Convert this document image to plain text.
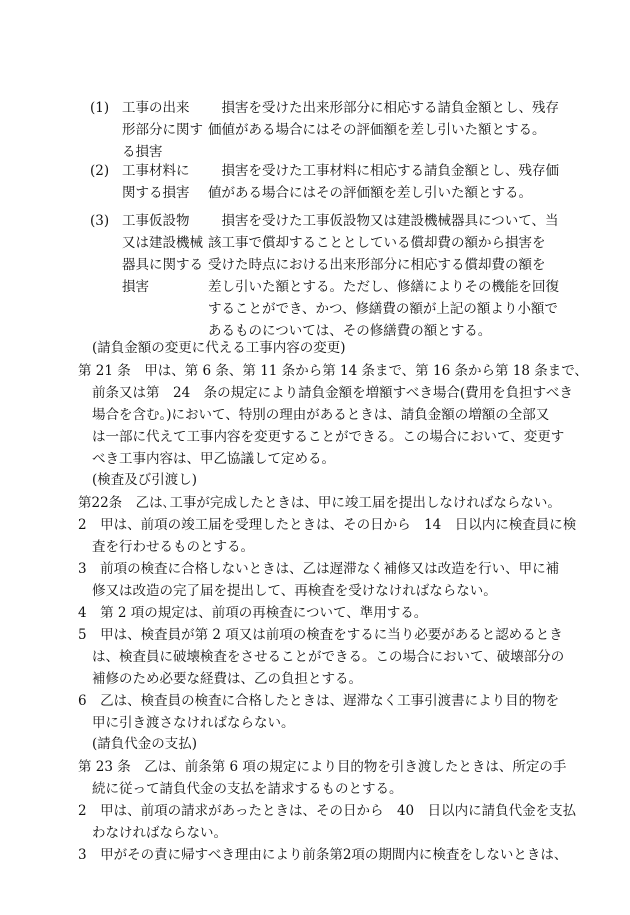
(1) 工事の出来
形部分に関す
る損害
　損害を受けた出来形部分に相応する請負金額とし、残存
価値がある場合にはその評価額を差し引いた額とする。
(2) 工事材料に
関する損害
　損害を受けた工事材料に相応する請負金額とし、残存価
値がある場合にはその評価額を差し引いた額とする。
(3) 工事仮設物
又は建設機械
器具に関する
損害
　損害を受けた工事仮設物又は建設機械器具について、当
該工事で償却することとしている償却費の額から損害を
受けた時点における出来形部分に相応する償却費の額を
差し引いた額とする。ただし、修繕によりその機能を回復
することができ、かつ、修繕費の額が上記の額より小額で
あるものについては、その修繕費の額とする。
(請負金額の変更に代える工事内容の変更)
第 21 条　甲は、第 6 条、第 11 条から第 14 条まで、第 16 条から第 18 条まで、
前条又は第　24　条の規定により請負金額を増額すべき場合(費用を負担すべき
場合を含む。)において、特別の理由があるときは、請負金額の増額の全部又
は一部に代えて工事内容を変更することができる。この場合において、変更す
べき工事内容は、甲乙協議して定める。
(検査及び引渡し)
第22条　乙は､工事が完成したときは、甲に竣工届を提出しなければならない。
2　甲は、前項の竣工届を受理したときは、その日から　14　日以内に検査員に検
査を行わせるものとする。
3　前項の検査に合格しないときは、乙は遅滞なく補修又は改造を行い、甲に補
修又は改造の完了届を提出して、再検査を受けなければならない。
4　第 2 項の規定は、前項の再検査について、準用する。
5　甲は、検査員が第 2 項又は前項の検査をするに当り必要があると認めるとき
は、検査員に破壊検査をさせることができる。この場合において、破壊部分の
補修のため必要な経費は、乙の負担とする。
6　乙は、検査員の検査に合格したときは、遅滞なく工事引渡書により目的物を
甲に引き渡さなければならない。
(請負代金の支払)
第 23 条　乙は、前条第 6 項の規定により目的物を引き渡したときは、所定の手
続に従って請負代金の支払を請求するものとする。
2　甲は、前項の請求があったときは、その日から　40　日以内に請負代金を支払
わなければならない。
3　甲がその責に帰すべき理由により前条第2項の期間内に検査をしないときは、
